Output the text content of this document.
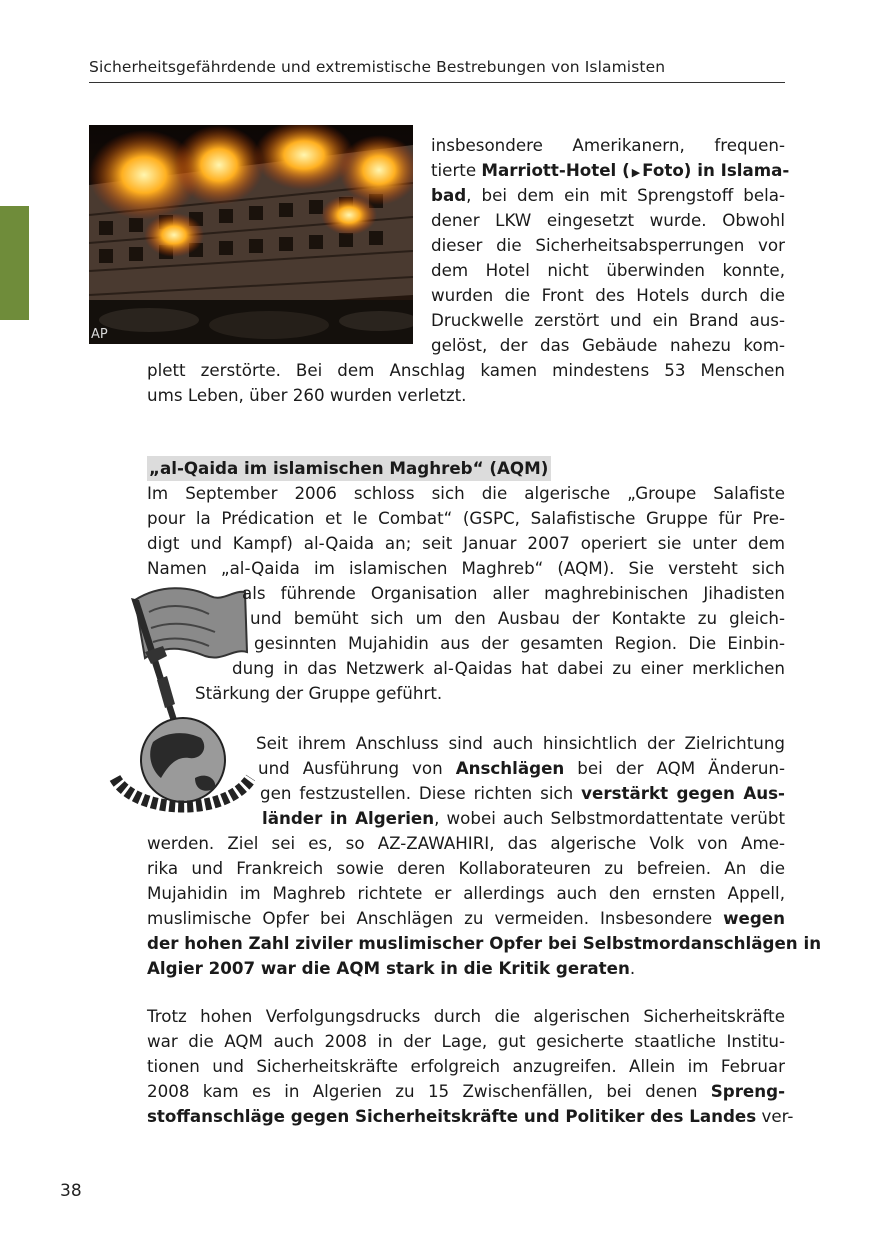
Sicherheitsgefährdende und extremistische Bestrebungen von Islamisten
AP
insbesondere Amerikanern, frequen-
tierte Marriott-Hotel ( ▶ Foto) in Islama-
bad, bei dem ein mit Sprengstoff bela-
dener LKW eingesetzt wurde. Obwohl
dieser die Sicherheitsabsperrungen vor
dem Hotel nicht überwinden konnte,
wurden die Front des Hotels durch die
Druckwelle zerstört und ein Brand aus-
gelöst, der das Gebäude nahezu kom-
plett zerstörte. Bei dem Anschlag kamen mindestens 53 Menschen
ums Leben, über 260 wurden verletzt.
„al-Qaida im islamischen Maghreb“ (AQM)
Im September 2006 schloss sich die algerische „Groupe Salafiste
pour la Prédication et le Combat“ (GSPC, Salafistische Gruppe für Pre-
digt und Kampf) al-Qaida an; seit Januar 2007 operiert sie unter dem
Namen „al-Qaida im islamischen Maghreb“ (AQM). Sie versteht sich
als führende Organisation aller maghrebinischen Jihadisten
und bemüht sich um den Ausbau der Kontakte zu gleich-
gesinnten Mujahidin aus der gesamten Region. Die Einbin-
dung in das Netzwerk al-Qaidas hat dabei zu einer merklichen
Stärkung der Gruppe geführt.
Seit ihrem Anschluss sind auch hinsichtlich der Zielrichtung
und Ausführung von Anschlägen bei der AQM Änderun-
gen festzustellen. Diese richten sich verstärkt gegen Aus-
länder in Algerien, wobei auch Selbstmordattentate verübt
werden. Ziel sei es, so AZ-ZAWAHIRI, das algerische Volk von Ame-
rika und Frankreich sowie deren Kollaborateuren zu befreien. An die
Mujahidin im Maghreb richtete er allerdings auch den ernsten Appell,
muslimische Opfer bei Anschlägen zu vermeiden. Insbesondere wegen
der hohen Zahl ziviler muslimischer Opfer bei Selbstmordanschlägen in
Algier 2007 war die AQM stark in die Kritik geraten.
Trotz hohen Verfolgungsdrucks durch die algerischen Sicherheitskräfte
war die AQM auch 2008 in der Lage, gut gesicherte staatliche Institu-
tionen und Sicherheitskräfte erfolgreich anzugreifen. Allein im Februar
2008 kam es in Algerien zu 15 Zwischenfällen, bei denen Spreng-
stoffanschläge gegen Sicherheitskräfte und Politiker des Landes ver-
38
